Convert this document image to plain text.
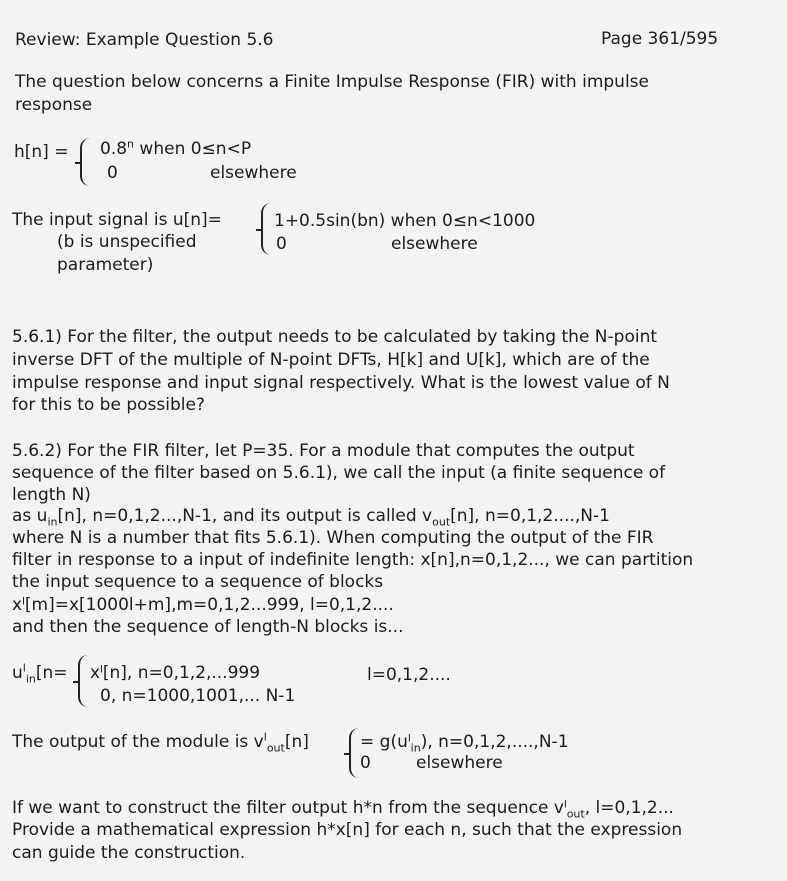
Review: Example Question 5.6	Page 361/595
The question below concerns a Finite Impulse Response (FIR) with impulse
response
$h[n] = 0.8^n$ when 0≤n<P
0	elsewhere
The input signal is u[n]=
(b is unspecified
parameter)
1+0.5sin(bn) when 0≤n<1000
0	elsewhere
5.6.1) For the filter, the output needs to be calculated by taking the N-point
inverse DFT of the multiple of N-point DFTs, H[k] and U[k], which are of the
impulse response and input signal respectively. What is the lowest value of N
for this to be possible?
5.6.2) For the FIR filter, let P=35. For a module that computes the output
sequence of the filter based on 5.6.1), we call the input (a finite sequence of
length N)
as $u_{in}[n]$, n=0,1,2...,N-1, and its output is called $v_{out}[n]$, n=0,1,2....,N-1
where N is a number that fits 5.6.1). When computing the output of the FIR
filter in response to a input of indefinite length: x[n],n=0,1,2..., we can partition
the input sequence to a sequence of blocks
xˡ[m]=x[1000l+m],m=0,1,2...999, l=0,1,2....
and then the sequence of length-N blocks is...
$u^l_{in}[n=$ xˡ[n], n=0,1,2,...999	l=0,1,2....
0, n=1000,1001,... N-1
The output of the module is $v^l_{out}[n]$	= g(uˡ$_{in}$), n=0,1,2,....,N-1
0	elsewhere
If we want to construct the filter output h*n from the sequence vˡ$_{out}$, l=0,1,2...
Provide a mathematical expression h*x[n] for each n, such that the expression
can guide the construction.
